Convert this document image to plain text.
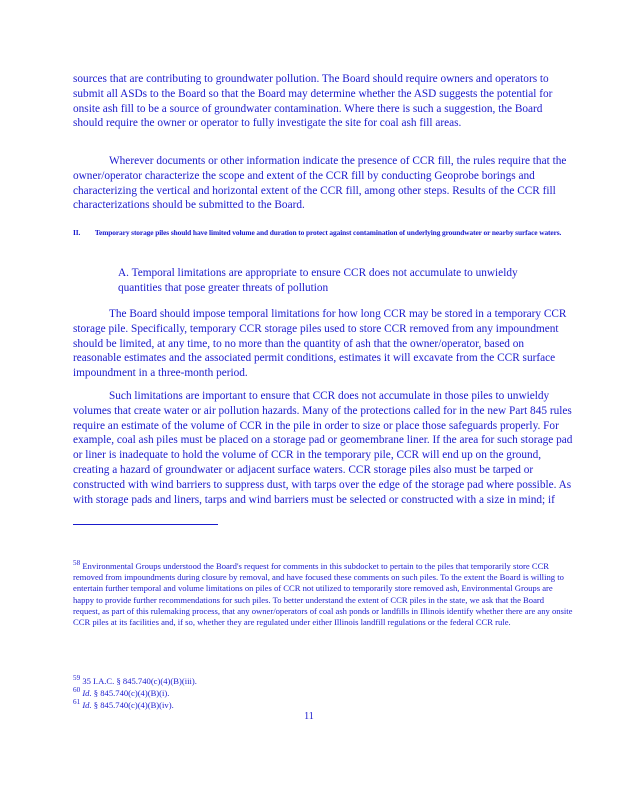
sources that are contributing to groundwater pollution. The Board should require owners and operators to submit all ASDs to the Board so that the Board may determine whether the ASD suggests the potential for onsite ash fill to be a source of groundwater contamination. Where there is such a suggestion, the Board should require the owner or operator to fully investigate the site for coal ash fill areas.

Wherever documents or other information indicate the presence of CCR fill, the rules require that the owner/operator characterize the scope and extent of the CCR fill by conducting Geoprobe borings and characterizing the vertical and horizontal extent of the CCR fill, among other steps. Results of the CCR fill characterizations should be submitted to the Board.

II.  Temporary storage piles should have limited volume and duration to protect against contamination of underlying groundwater or nearby surface waters.

A. Temporal limitations are appropriate to ensure CCR does not accumulate to unwieldy quantities that pose greater threats of pollution

The Board should impose temporal limitations for how long CCR may be stored in a temporary CCR storage pile. Specifically, temporary CCR storage piles used to store CCR removed from any impoundment should be limited, at any time, to no more than the quantity of ash that the owner/operator, based on reasonable estimates and the associated permit conditions, estimates it will excavate from the CCR surface impoundment in a three-month period.

Such limitations are important to ensure that CCR does not accumulate in those piles to unwieldy volumes that create water or air pollution hazards. Many of the protections called for in the new Part 845 rules require an estimate of the volume of CCR in the pile in order to size or place those safeguards properly. For example, coal ash piles must be placed on a storage pad or geomembrane liner. If the area for such storage pad or liner is inadequate to hold the volume of CCR in the temporary pile, CCR will end up on the ground, creating a hazard of groundwater or adjacent surface waters. CCR storage piles also must be tarped or constructed with wind barriers to suppress dust, with tarps over the edge of the storage pad where possible. As with storage pads and liners, tarps and wind barriers must be selected or constructed with a size in mind; if

$^{58}$ Environmental Groups understood the Board's request for comments in this subdocket to pertain to the piles that temporarily store CCR removed from impoundments during closure by removal, and have focused these comments on such piles. To the extent the Board is willing to entertain further temporal and volume limitations on piles of CCR not utilized to temporarily store removed ash, Environmental Groups are happy to provide further recommendations for such piles. To better understand the extent of CCR piles in the state, we ask that the Board request, as part of this rulemaking process, that any owner/operators of coal ash ponds or landfills in Illinois identify whether there are any onsite CCR piles at its facilities and, if so, whether they are regulated under either Illinois landfill regulations or the federal CCR rule.
$^{59}$ 35 I.A.C. § 845.740(c)(4)(B)(iii).
$^{60}$ Id. § 845.740(c)(4)(B)(i).
$^{61}$ Id. § 845.740(c)(4)(B)(iv).
11
